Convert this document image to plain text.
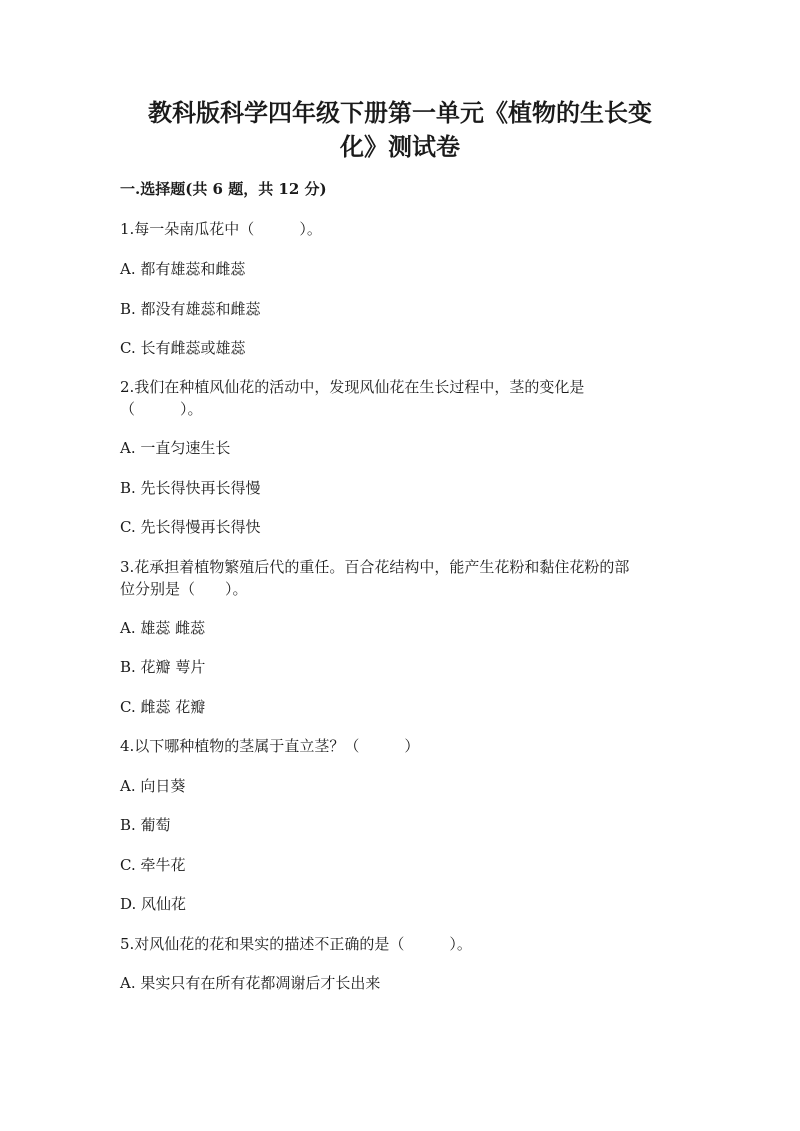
教科版科学四年级下册第一单元《植物的生长变
化》测试卷

一.选择题(共 6 题，共 12 分)

1.每一朵南瓜花中（　　　）。

A. 都有雄蕊和雌蕊

B. 都没有雄蕊和雌蕊

C. 长有雌蕊或雄蕊

2.我们在种植风仙花的活动中，发现风仙花在生长过程中，茎的变化是

（　　　）。

A. 一直匀速生长

B. 先长得快再长得慢

C. 先长得慢再长得快

3.花承担着植物繁殖后代的重任。百合花结构中，能产生花粉和黏住花粉的部

位分别是（　　）。

A. 雄蕊 雌蕊

B. 花瓣 萼片

C. 雌蕊 花瓣

4.以下哪种植物的茎属于直立茎？（　　　）

A. 向日葵

B. 葡萄

C. 牵牛花

D. 风仙花

5.对风仙花的花和果实的描述不正确的是（　　　）。

A. 果实只有在所有花都凋谢后才长出来
